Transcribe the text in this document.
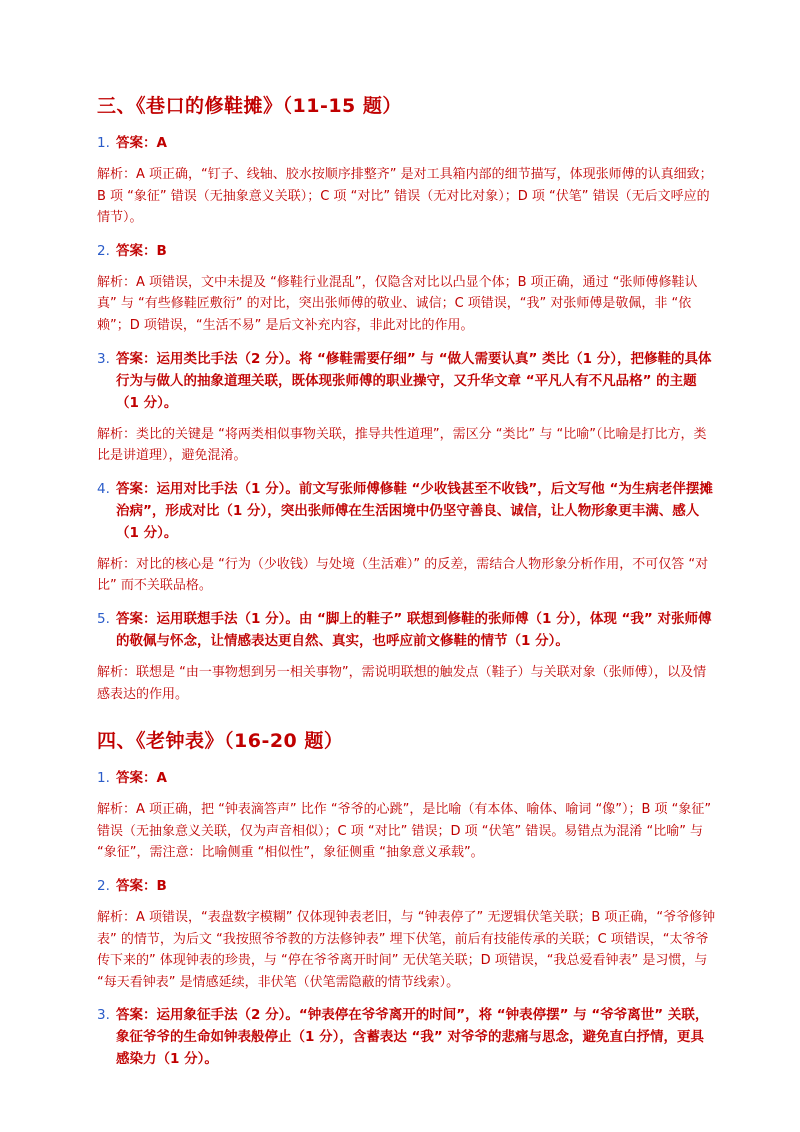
三、《巷口的修鞋摊》（11-15 题）
1. 答案：A

解析：A 项正确，“钉子、线轴、胶水按顺序排整齐” 是对工具箱内部的细节描写，体现张师傅的认真细致；B 项 “象征” 错误（无抽象意义关联）；C 项 “对比” 错误（无对比对象）；D 项 “伏笔” 错误（无后文呼应的情节）。

2. 答案：B

解析：A 项错误，文中未提及 “修鞋行业混乱”，仅隐含对比以凸显个体；B 项正确，通过 “张师傅修鞋认真” 与 “有些修鞋匠敷衍” 的对比，突出张师傅的敬业、诚信；C 项错误，“我” 对张师傅是敬佩，非 “依赖”；D 项错误，“生活不易” 是后文补充内容，非此对比的作用。

3. 答案：运用类比手法（2 分）。将 “修鞋需要仔细” 与 “做人需要认真” 类比（1 分），把修鞋的具体行为与做人的抽象道理关联，既体现张师傅的职业操守，又升华文章 “平凡人有不凡品格” 的主题（1 分）。

解析：类比的关键是 “将两类相似事物关联，推导共性道理”，需区分 “类比” 与 “比喻”（比喻是打比方，类比是讲道理），避免混淆。

4. 答案：运用对比手法（1 分）。前文写张师傅修鞋 “少收钱甚至不收钱”，后文写他 “为生病老伴摆摊治病”，形成对比（1 分），突出张师傅在生活困境中仍坚守善良、诚信，让人物形象更丰满、感人（1 分）。

解析：对比的核心是 “行为（少收钱）与处境（生活难）” 的反差，需结合人物形象分析作用，不可仅答 “对比” 而不关联品格。

5. 答案：运用联想手法（1 分）。由 “脚上的鞋子” 联想到修鞋的张师傅（1 分），体现 “我” 对张师傅的敬佩与怀念，让情感表达更自然、真实，也呼应前文修鞋的情节（1 分）。

解析：联想是 “由一事物想到另一相关事物”，需说明联想的触发点（鞋子）与关联对象（张师傅），以及情感表达的作用。

四、《老钟表》（16-20 题）
1. 答案：A

解析：A 项正确，把 “钟表滴答声” 比作 “爷爷的心跳”，是比喻（有本体、喻体、喻词 “像”）；B 项 “象征” 错误（无抽象意义关联，仅为声音相似）；C 项 “对比” 错误；D 项 “伏笔” 错误。易错点为混淆 “比喻” 与 “象征”，需注意：比喻侧重 “相似性”，象征侧重 “抽象意义承载”。

2. 答案：B

解析：A 项错误，“表盘数字模糊” 仅体现钟表老旧，与 “钟表停了” 无逻辑伏笔关联；B 项正确，“爷爷修钟表” 的情节，为后文 “我按照爷爷教的方法修钟表” 埋下伏笔，前后有技能传承的关联；C 项错误，“太爷爷传下来的” 体现钟表的珍贵，与 “停在爷爷离开时间” 无伏笔关联；D 项错误，“我总爱看钟表” 是习惯，与 “每天看钟表” 是情感延续，非伏笔（伏笔需隐蔽的情节线索）。

3. 答案：运用象征手法（2 分）。“钟表停在爷爷离开的时间”，将 “钟表停摆” 与 “爷爷离世” 关联，象征爷爷的生命如钟表般停止（1 分），含蓄表达 “我” 对爷爷的悲痛与思念，避免直白抒情，更具感染力（1 分）。
